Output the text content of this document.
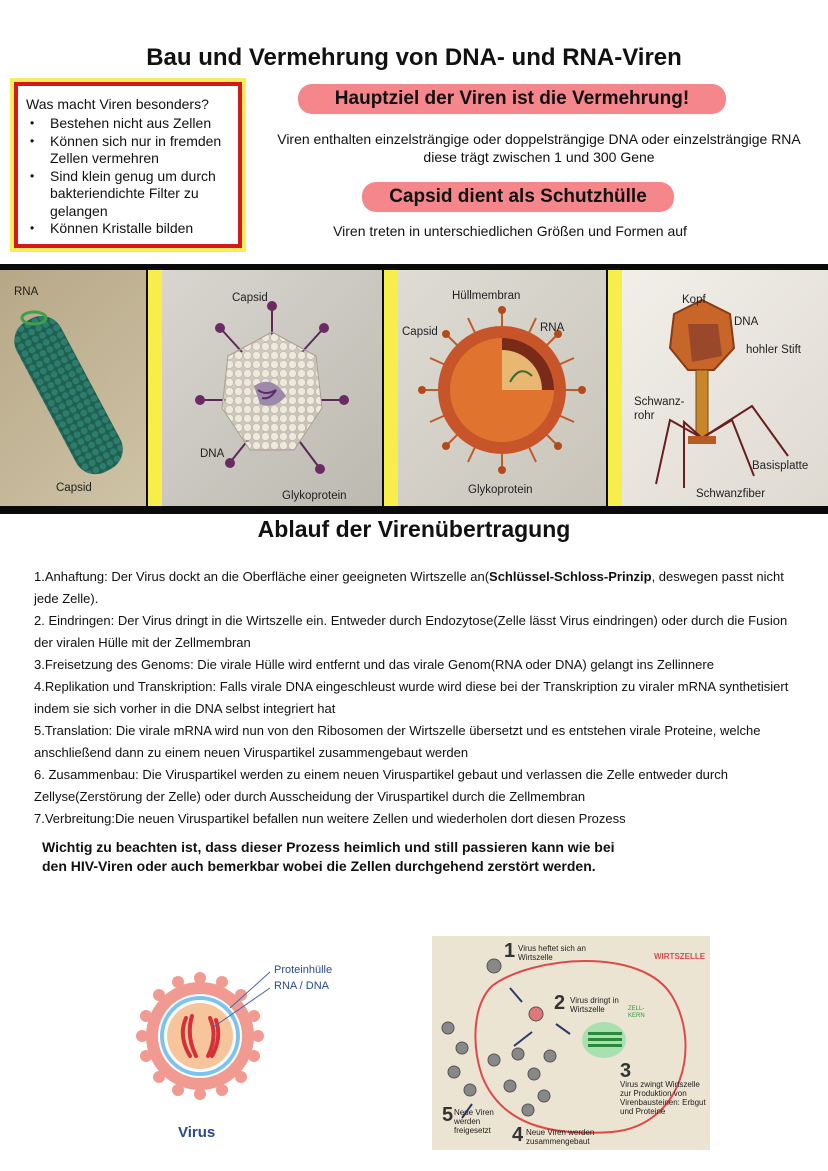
Bau und Vermehrung von DNA- und RNA-Viren
Was macht Viren besonders?
• Bestehen nicht aus Zellen
• Können sich nur in fremden Zellen vermehren
• Sind klein genug um durch bakteriendichte Filter zu gelangen
• Können Kristalle bilden
Hauptziel der Viren ist die Vermehrung!
Viren enthalten einzelsträngige oder doppelsträngige DNA oder einzelsträngige RNA
diese trägt zwischen 1 und 300 Gene
Capsid dient als Schutzhülle
Viren treten in unterschiedlichen Größen und Formen auf
RNA
Capsid
Capsid
DNA
Glykoprotein
Hüllmembran
Capsid	RNA
Glykoprotein
Kopf
DNA
hohler Stift
Schwanz-
rohr
Basisplatte
Schwanzfiber
Ablauf der Virenübertragung

1.Anhaftung: Der Virus dockt an die Oberfläche einer geeigneten Wirtszelle an(Schlüssel-Schloss-Prinzip, deswegen passt nicht jede Zelle).

2. Eindringen: Der Virus dringt in die Wirtszelle ein. Entweder durch Endozytose(Zelle lässt Virus eindringen) oder durch die Fusion der viralen Hülle mit der Zellmembran

3.Freisetzung des Genoms: Die virale Hülle wird entfernt und das virale Genom(RNA oder DNA) gelangt ins Zellinnere

4.Replikation und Transkription: Falls virale DNA eingeschleust wurde wird diese bei der Transkription zu viraler mRNA synthetisiert indem sie sich vorher in die DNA selbst integriert hat

5.Translation: Die virale mRNA wird nun von den Ribosomen der Wirtszelle übersetzt und es entstehen virale Proteine, welche anschließend dann zu einem neuen Viruspartikel zusammengebaut werden

6. Zusammenbau: Die Viruspartikel werden zu einem neuen Viruspartikel gebaut und verlassen die Zelle entweder durch Zellyse(Zerstörung der Zelle) oder durch Ausscheidung der Viruspartikel durch die Zellmembran

7.Verbreitung:Die neuen Viruspartikel befallen nun weitere Zellen und wiederholen dort diesen Prozess

Wichtig zu beachten ist, dass dieser Prozess heimlich und still passieren kann wie bei
den HIV-Viren oder auch bemerkbar wobei die Zellen durchgehend zerstört werden.
Proteinhülle
RNA / DNA
Virus
1 Virus heftet sich an Wirtszelle	WIRTSZELLE
2 Virus dringt in Wirtszelle	ZELL-KERN
3
Virus zwingt Wirtszelle zur Produktion von Virenbausteinen: Erbgut und Proteine
5 Neue Viren werden freigesetzt	4 Neue Viren werden zusammengebaut
